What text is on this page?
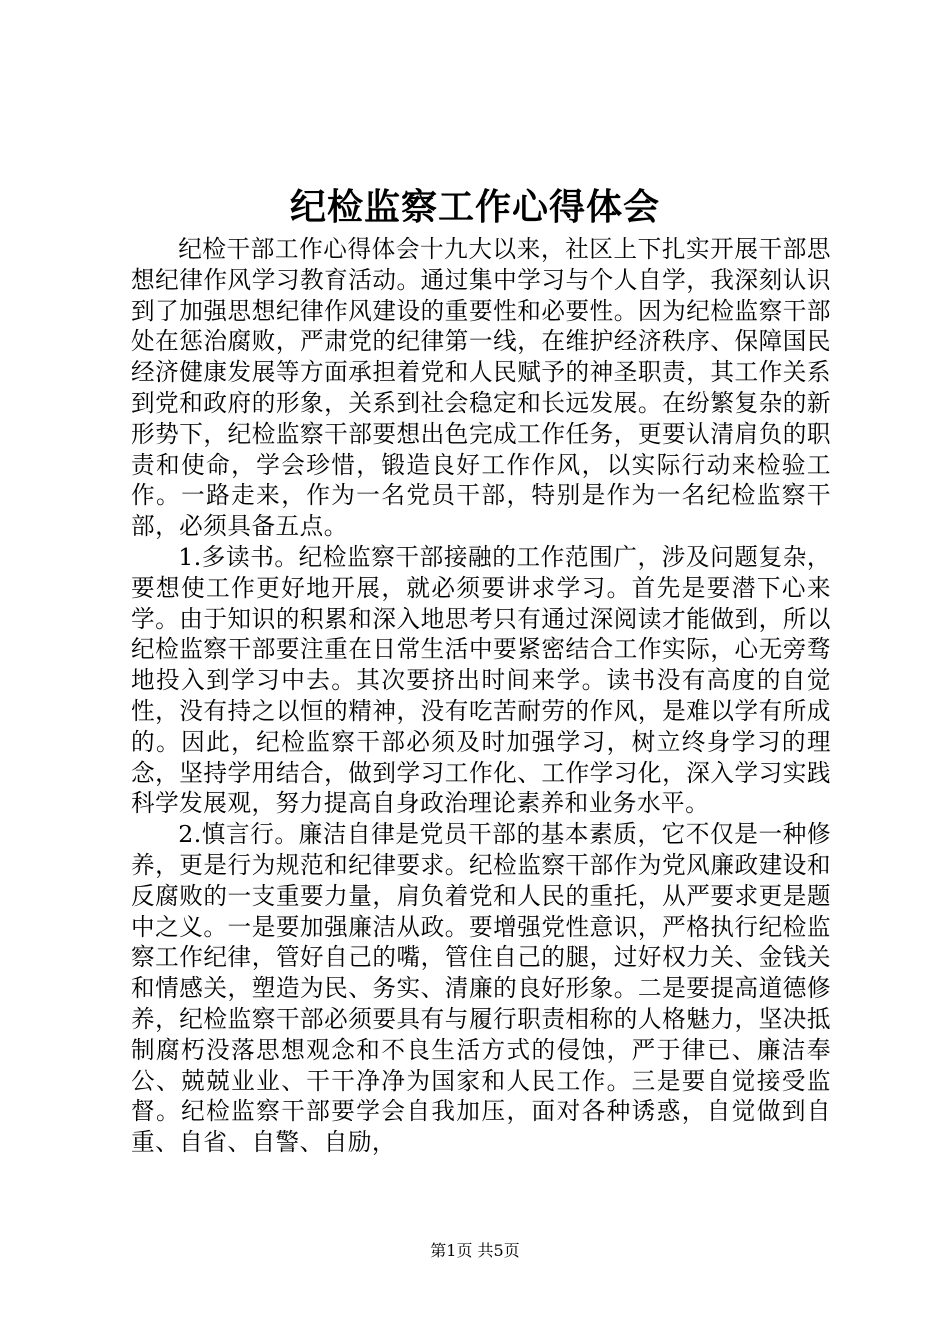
纪检监察工作心得体会

纪检干部工作心得体会十九大以来，社区上下扎实开展干部思想纪律作风学习教育活动。通过集中学习与个人自学，我深刻认识到了加强思想纪律作风建设的重要性和必要性。因为纪检监察干部处在惩治腐败，严肃党的纪律第一线，在维护经济秩序、保障国民经济健康发展等方面承担着党和人民赋予的神圣职责，其工作关系到党和政府的形象，关系到社会稳定和长远发展。在纷繁复杂的新形势下，纪检监察干部要想出色完成工作任务，更要认清肩负的职责和使命，学会珍惜，锻造良好工作作风，以实际行动来检验工作。一路走来，作为一名党员干部，特别是作为一名纪检监察干部，必须具备五点。

1.多读书。纪检监察干部接融的工作范围广，涉及问题复杂，要想使工作更好地开展，就必须要讲求学习。首先是要潜下心来学。由于知识的积累和深入地思考只有通过深阅读才能做到，所以纪检监察干部要注重在日常生活中要紧密结合工作实际，心无旁骛地投入到学习中去。其次要挤出时间来学。读书没有高度的自觉性，没有持之以恒的精神，没有吃苦耐劳的作风，是难以学有所成的。因此，纪检监察干部必须及时加强学习，树立终身学习的理念，坚持学用结合，做到学习工作化、工作学习化，深入学习实践科学发展观，努力提高自身政治理论素养和业务水平。

2.慎言行。廉洁自律是党员干部的基本素质，它不仅是一种修养，更是行为规范和纪律要求。纪检监察干部作为党风廉政建设和反腐败的一支重要力量，肩负着党和人民的重托，从严要求更是题中之义。一是要加强廉洁从政。要增强党性意识，严格执行纪检监察工作纪律，管好自己的嘴，管住自己的腿，过好权力关、金钱关和情感关，塑造为民、务实、清廉的良好形象。二是要提高道德修养，纪检监察干部必须要具有与履行职责相称的人格魅力，坚决抵制腐朽没落思想观念和不良生活方式的侵蚀，严于律已、廉洁奉公、兢兢业业、干干净净为国家和人民工作。三是要自觉接受监督。纪检监察干部要学会自我加压，面对各种诱惑，自觉做到自重、自省、自警、自励，

第1页 共5页
